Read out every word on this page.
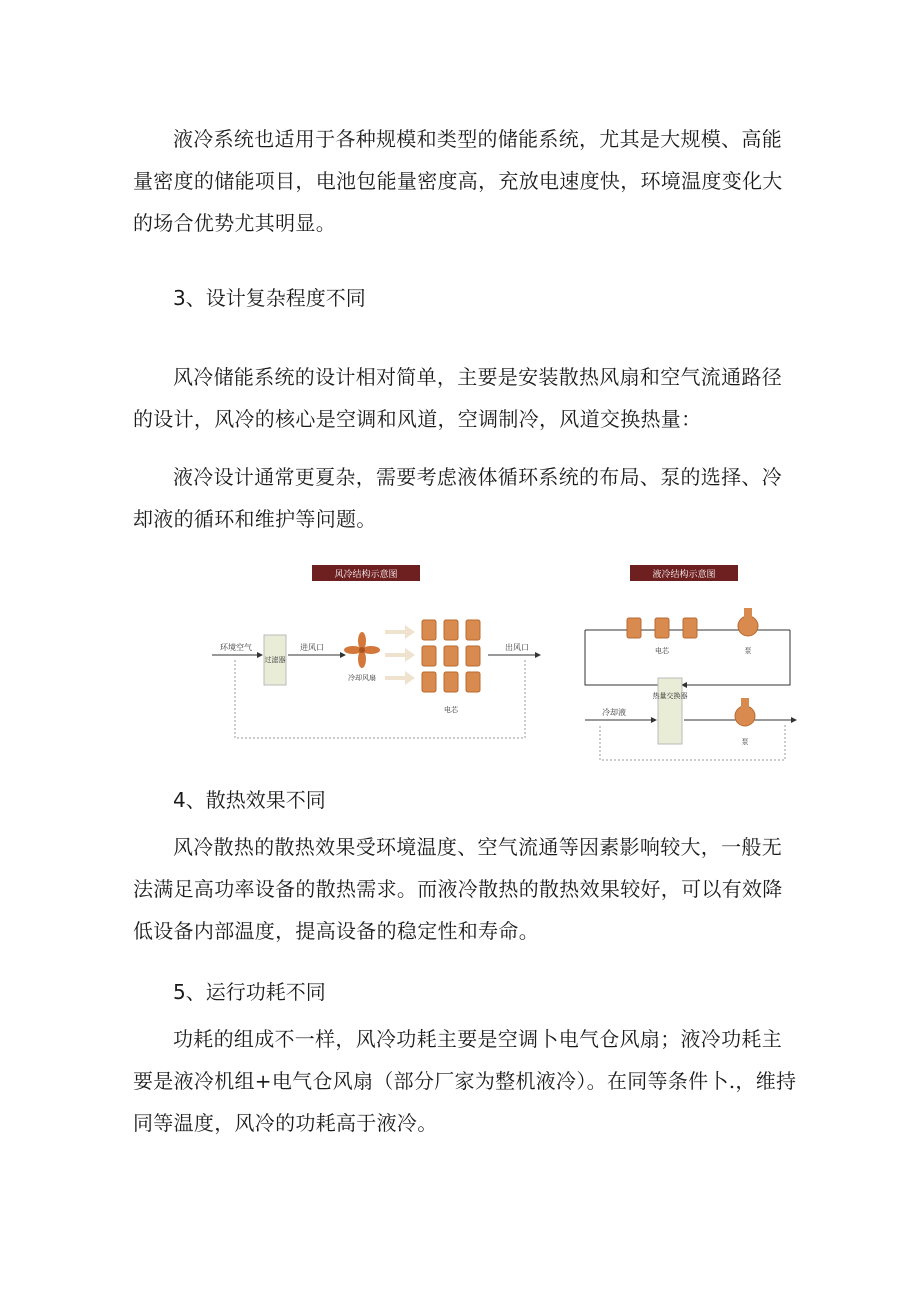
液冷系统也适用于各种规模和类型的储能系统，尤其是大规模、高能量密度的储能项目，电池包能量密度高，充放电速度快，环境温度变化大的场合优势尤其明显。

3、设计复杂程度不同

风冷储能系统的设计相对简单，主要是安装散热风扇和空气流通路径的设计，风冷的核心是空调和风道，空调制冷，风道交换热量：

液冷设计通常更夏杂，需要考虑液体循环系统的布局、泵的选择、冷却液的循环和维护等问题。

风冷结构示意图
环境空气
过滤器
进风口
冷却风扇
电芯
出风口
液冷结构示意图
电芯	泵
热量交换器
冷却液
泵
4、散热效果不同

风冷散热的散热效果受环境温度、空气流通等因素影响较大，一般无法满足高功率设备的散热需求。而液冷散热的散热效果较好，可以有效降低设备内部温度，提高设备的稳定性和寿命。

5、运行功耗不同

功耗的组成不一样，风冷功耗主要是空调卜电气仓风扇；液冷功耗主要是液冷机组+电气仓风扇（部分厂家为整机液冷）。在同等条件卜.，维持同等温度，风冷的功耗高于液冷。
